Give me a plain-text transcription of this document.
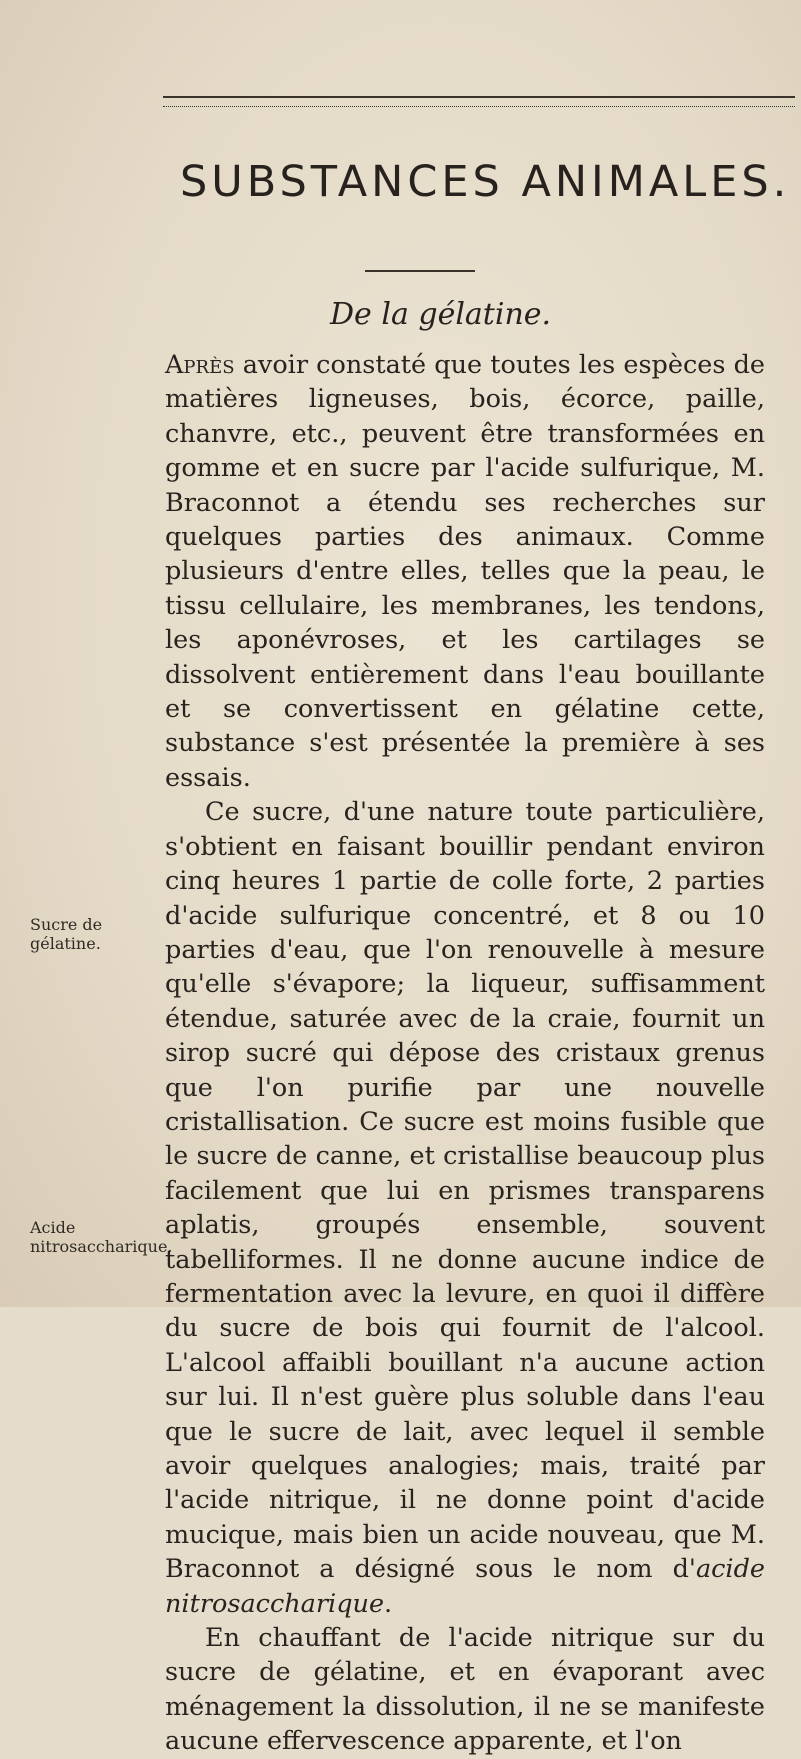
SUBSTANCES ANIMALES.
De la gélatine.
Sucre de gélatine.
Acide nitrosaccharique.

Après avoir constaté que toutes les espèces de matières ligneuses, bois, écorce, paille, chanvre, etc., peuvent être transformées en gomme et en sucre par l'acide sulfurique, M. Braconnot a étendu ses recherches sur quelques parties des animaux. Comme plusieurs d'entre elles, telles que la peau, le tissu cellulaire, les membranes, les tendons, les aponévroses, et les cartilages se dissolvent entièrement dans l'eau bouillante et se convertissent en gélatine cette, substance s'est présentée la première à ses essais.

Ce sucre, d'une nature toute particulière, s'obtient en faisant bouillir pendant environ cinq heures 1 partie de colle forte, 2 parties d'acide sulfurique concentré, et 8 ou 10 parties d'eau, que l'on renouvelle à mesure qu'elle s'évapore; la liqueur, suffisamment étendue, saturée avec de la craie, fournit un sirop sucré qui dépose des cristaux grenus que l'on purifie par une nouvelle cristallisation. Ce sucre est moins fusible que le sucre de canne, et cristallise beaucoup plus facilement que lui en prismes transparens aplatis, groupés ensemble, souvent tabelliformes. Il ne donne aucune indice de fermentation avec la levure, en quoi il diffère du sucre de bois qui fournit de l'alcool. L'alcool affaibli bouillant n'a aucune action sur lui. Il n'est guère plus soluble dans l'eau que le sucre de lait, avec lequel il semble avoir quelques analogies; mais, traité par l'acide nitrique, il ne donne point d'acide mucique, mais bien un acide nouveau, que M. Braconnot a désigné sous le nom d'acide nitrosaccharique.

En chauffant de l'acide nitrique sur du sucre de gélatine, et en évaporant avec ménagement la dissolution, il ne se manifeste aucune effervescence apparente, et l'on
